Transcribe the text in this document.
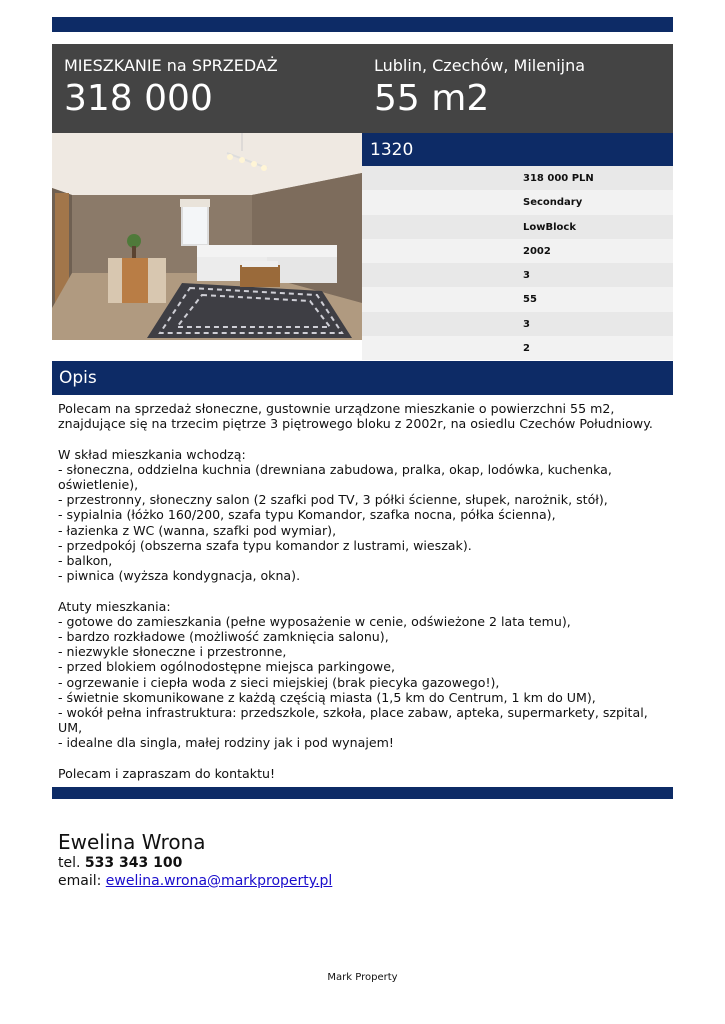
MIESZKANIE na SPRZEDAŻ
318 000
Lublin, Czechów, Milenijna
55 m2
1320
318 000 PLN
Secondary
LowBlock
2002
3
55
3
2
Opis

Polecam na sprzedaż słoneczne, gustownie urządzone mieszkanie o powierzchni 55 m2, znajdujące się na trzecim piętrze 3 piętrowego bloku z 2002r, na osiedlu Czechów Południowy.

W skład mieszkania wchodzą:
- słoneczna, oddzielna kuchnia (drewniana zabudowa, pralka, okap, lodówka, kuchenka, oświetlenie),
- przestronny, słoneczny salon (2 szafki pod TV, 3 półki ścienne, słupek, narożnik, stół),
- sypialnia (łóżko 160/200, szafa typu Komandor, szafka nocna, półka ścienna),
- łazienka z WC (wanna, szafki pod wymiar),
- przedpokój (obszerna szafa typu komandor z lustrami, wieszak).
- balkon,
- piwnica (wyższa kondygnacja, okna).

Atuty mieszkania:
- gotowe do zamieszkania (pełne wyposażenie w cenie, odświeżone 2 lata temu),
- bardzo rozkładowe (możliwość zamknięcia salonu),
- niezwykle słoneczne i przestronne,
- przed blokiem ogólnodostępne miejsca parkingowe,
- ogrzewanie i ciepła woda z sieci miejskiej (brak piecyka gazowego!),
- świetnie skomunikowane z każdą częścią miasta (1,5 km do Centrum, 1 km do UM),
- wokół pełna infrastruktura: przedszkole, szkoła, place zabaw, apteka, supermarkety, szpital, UM,
- idealne dla singla, małej rodziny jak i pod wynajem!

Polecam i zapraszam do kontaktu!

Ewelina Wrona
tel. 533 343 100
email: ewelina.wrona@markproperty.pl
Mark Property
